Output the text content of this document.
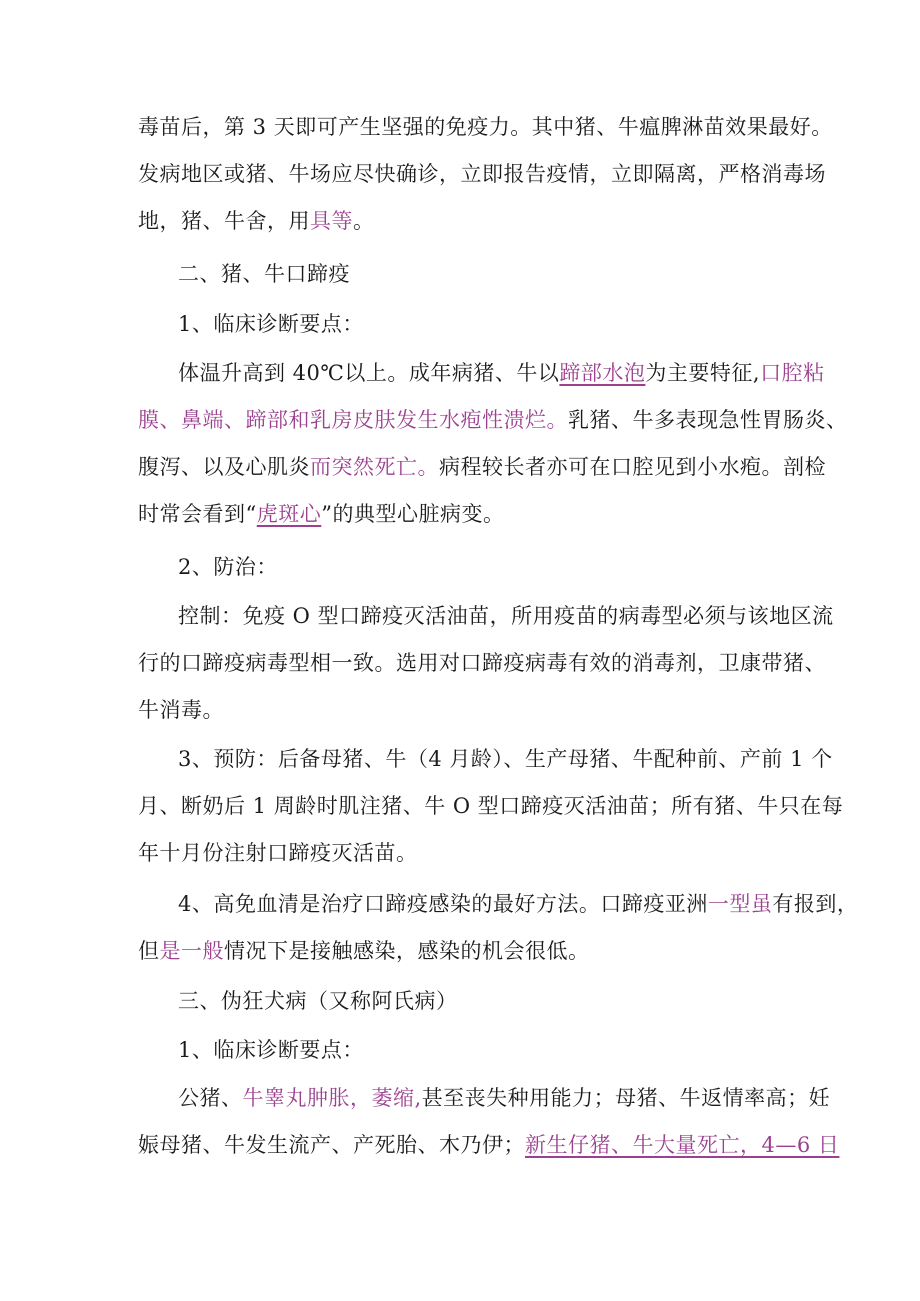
毒苗后，第 3 天即可产生坚强的免疫力。其中猪、牛瘟脾淋苗效果最好。
发病地区或猪、牛场应尽快确诊，立即报告疫情，立即隔离，严格消毒场
地，猪、牛舍，用具等。

二、猪、牛口蹄疫

1、临床诊断要点：

体温升高到 40℃以上。成年病猪、牛以蹄部水泡为主要特征,口腔粘
膜、鼻端、蹄部和乳房皮肤发生水疱性溃烂。乳猪、牛多表现急性胃肠炎、
腹泻、以及心肌炎而突然死亡。病程较长者亦可在口腔见到小水疱。剖检
时常会看到“虎斑心”的典型心脏病变。

2、防治：

控制：免疫 O 型口蹄疫灭活油苗，所用疫苗的病毒型必须与该地区流
行的口蹄疫病毒型相一致。选用对口蹄疫病毒有效的消毒剂，卫康带猪、
牛消毒。

3、预防：后备母猪、牛（4 月龄）、生产母猪、牛配种前、产前 1 个
月、断奶后 1 周龄时肌注猪、牛 O 型口蹄疫灭活油苗；所有猪、牛只在每
年十月份注射口蹄疫灭活苗。

4、高免血清是治疗口蹄疫感染的最好方法。口蹄疫亚洲一型虽有报到，
但是一般情况下是接触感染，感染的机会很低。

三、伪狂犬病（又称阿氏病）

1、临床诊断要点：

公猪、牛睾丸肿胀，萎缩,甚至丧失种用能力；母猪、牛返情率高；妊
娠母猪、牛发生流产、产死胎、木乃伊；新生仔猪、牛大量死亡，4—6 日
